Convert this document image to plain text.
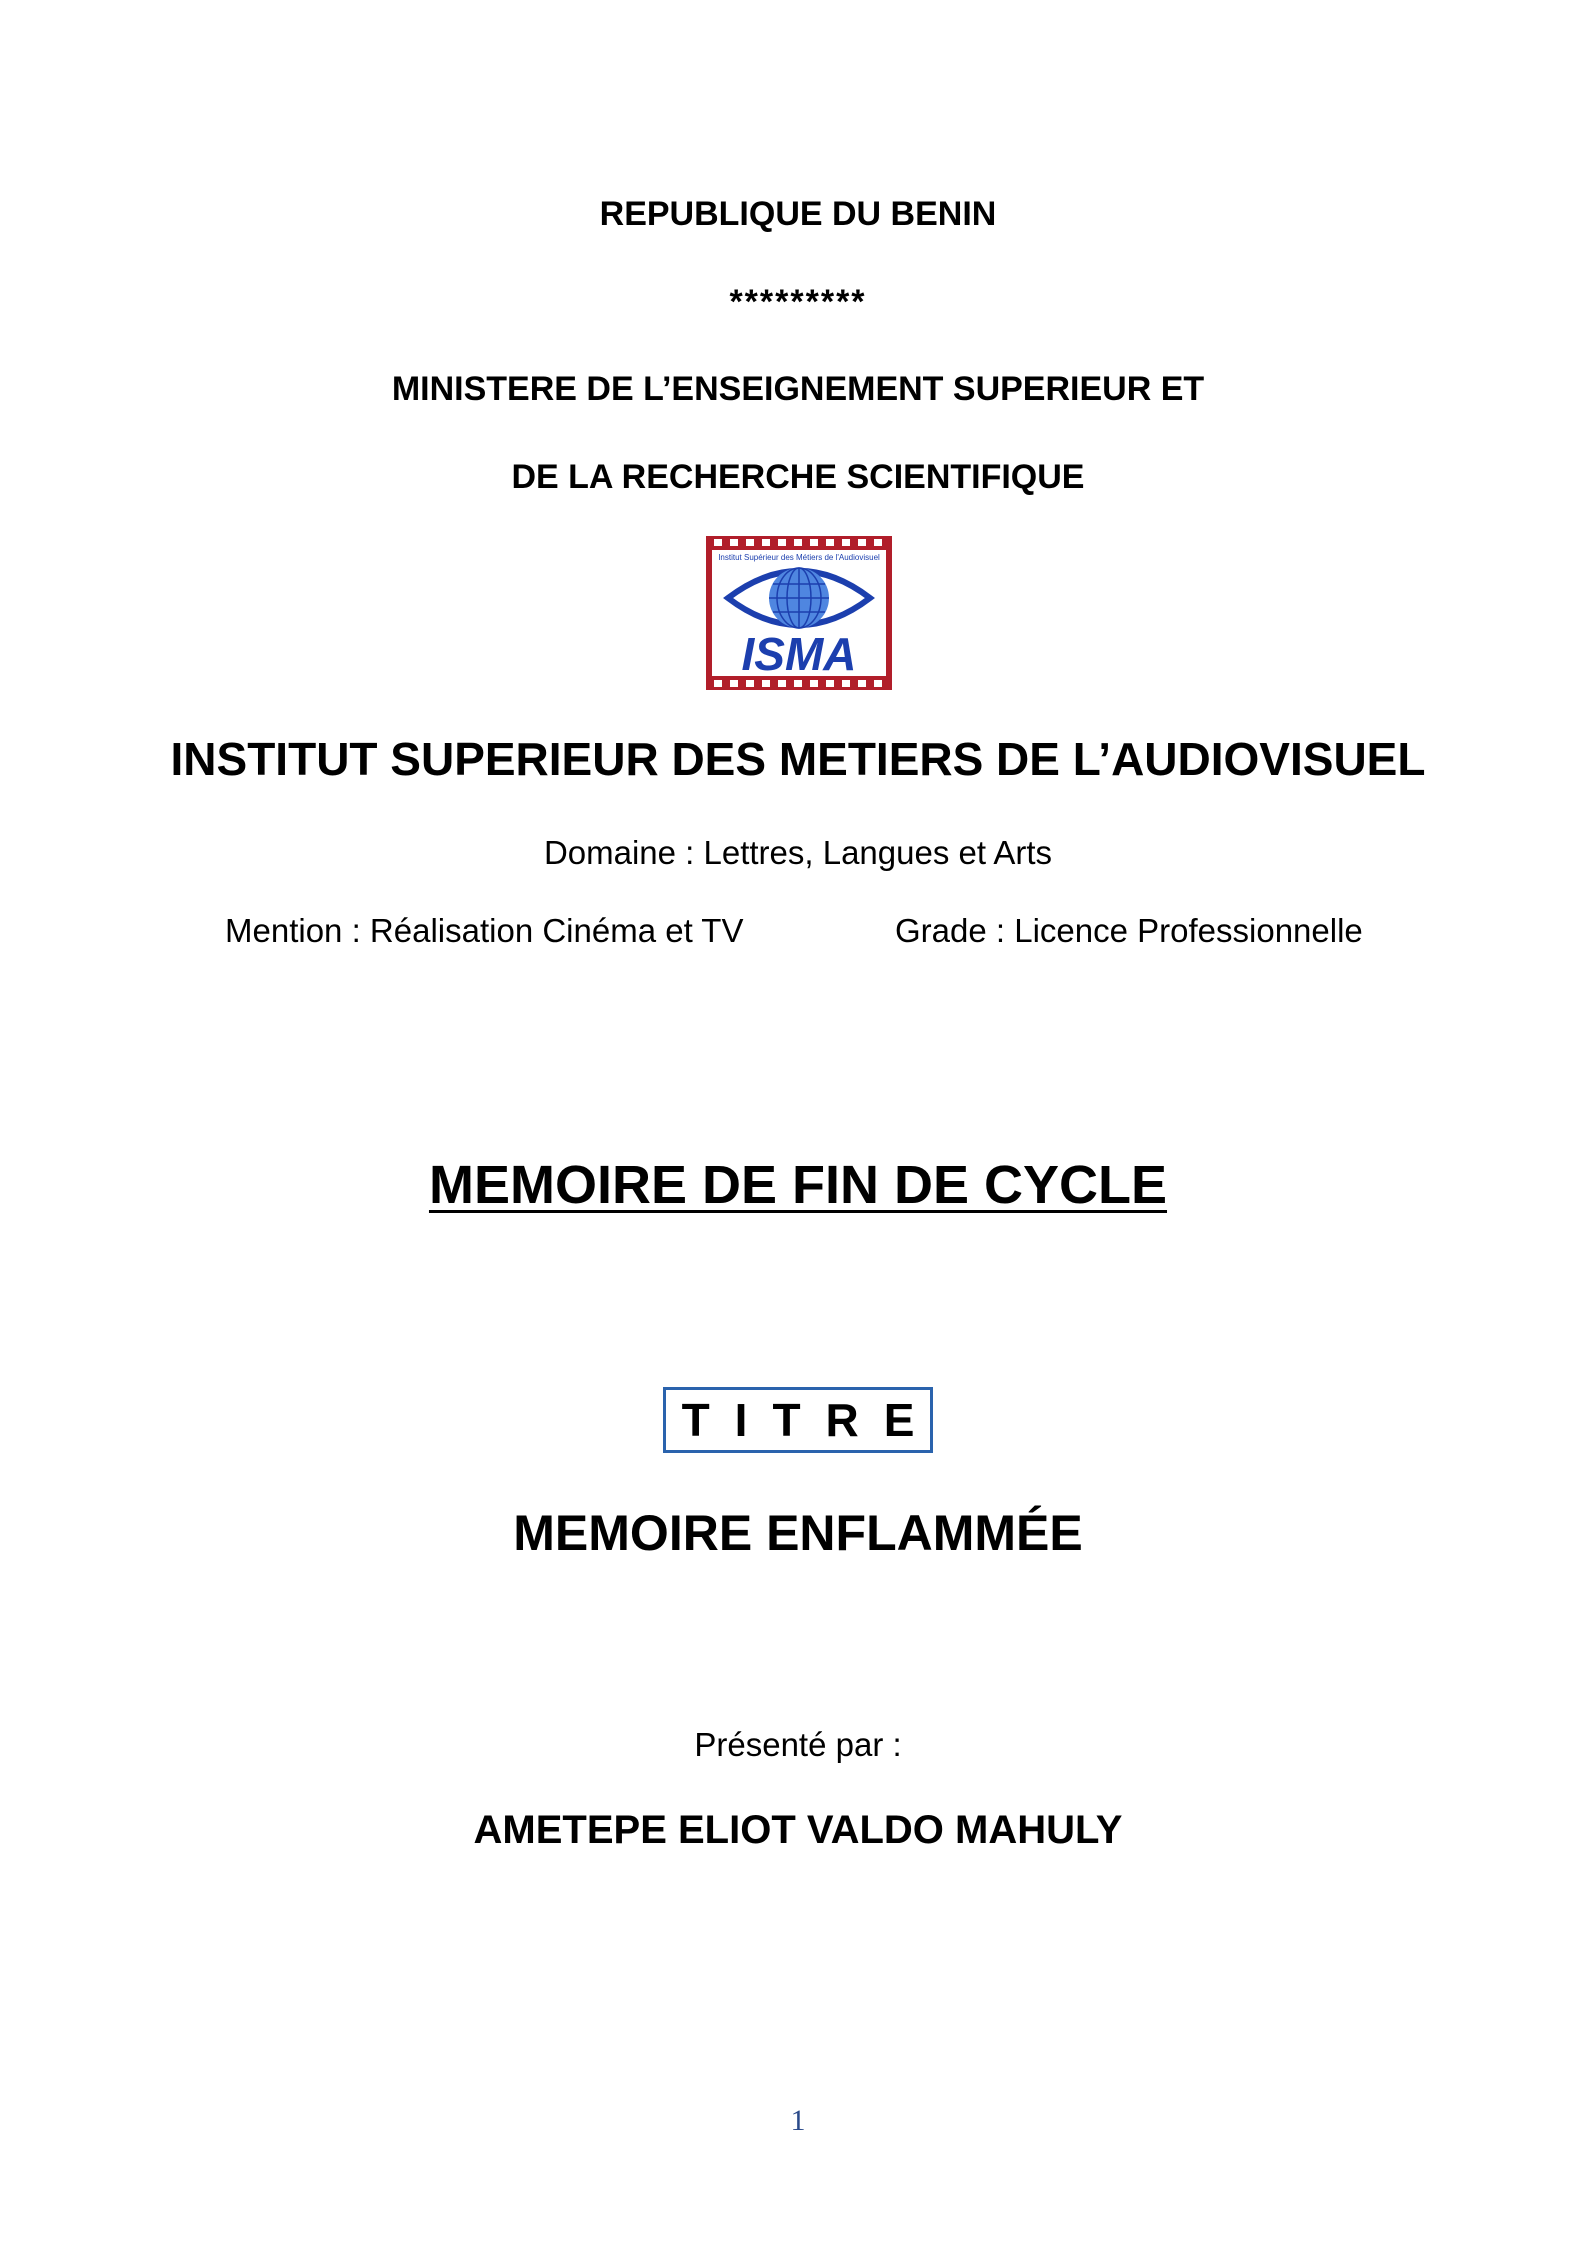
REPUBLIQUE DU BENIN
*********
MINISTERE DE L’ENSEIGNEMENT SUPERIEUR ET
DE LA RECHERCHE SCIENTIFIQUE
Institut Supérieur des Métiers de l'Audiovisuel
ISMA
INSTITUT SUPERIEUR DES METIERS DE L’AUDIOVISUEL
Domaine : Lettres, Langues et Arts
Mention : Réalisation Cinéma et TV	Grade : Licence Professionnelle
MEMOIRE DE FIN DE CYCLE
TITRE
MEMOIRE ENFLAMMÉE
Présenté par :
AMETEPE ELIOT VALDO MAHULY
1
